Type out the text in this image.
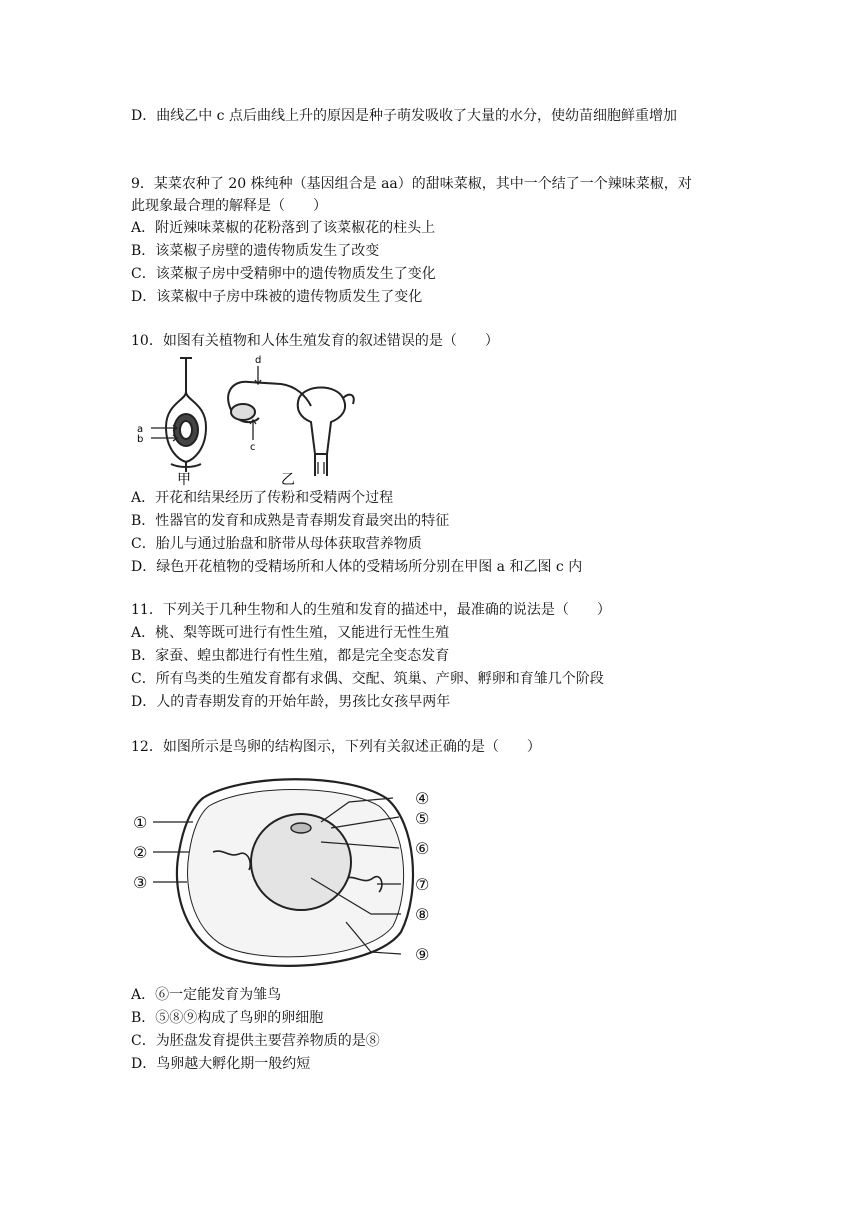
D．曲线乙中 c 点后曲线上升的原因是种子萌发吸收了大量的水分，使幼苗细胞鲜重增加
9．某菜农种了 20 株纯种（基因组合是 aa）的甜味菜椒，其中一个结了一个辣味菜椒，对
此现象最合理的解释是（　　）
A．附近辣味菜椒的花粉落到了该菜椒花的柱头上
B．该菜椒子房壁的遗传物质发生了改变
C．该菜椒子房中受精卵中的遗传物质发生了变化
D．该菜椒中子房中珠被的遗传物质发生了变化
10．如图有关植物和人体生殖发育的叙述错误的是（　　）
a
b
d
c
甲	乙
A．开花和结果经历了传粉和受精两个过程
B．性器官的发育和成熟是青春期发育最突出的特征
C．胎儿与通过胎盘和脐带从母体获取营养物质
D．绿色开花植物的受精场所和人体的受精场所分别在甲图 a 和乙图 c 内
11．下列关于几种生物和人的生殖和发育的描述中，最准确的说法是（　　）
A．桃、梨等既可进行有性生殖，又能进行无性生殖
B．家蚕、蝗虫都进行有性生殖，都是完全变态发育
C．所有鸟类的生殖发育都有求偶、交配、筑巢、产卵、孵卵和育雏几个阶段
D．人的青春期发育的开始年龄，男孩比女孩早两年
12．如图所示是鸟卵的结构图示，下列有关叙述正确的是（　　）
①
②
③
④
⑤
⑥
⑦
⑧
⑨
A．⑥一定能发育为雏鸟
B．⑤⑧⑨构成了鸟卵的卵细胞
C．为胚盘发育提供主要营养物质的是⑧
D．鸟卵越大孵化期一般约短
